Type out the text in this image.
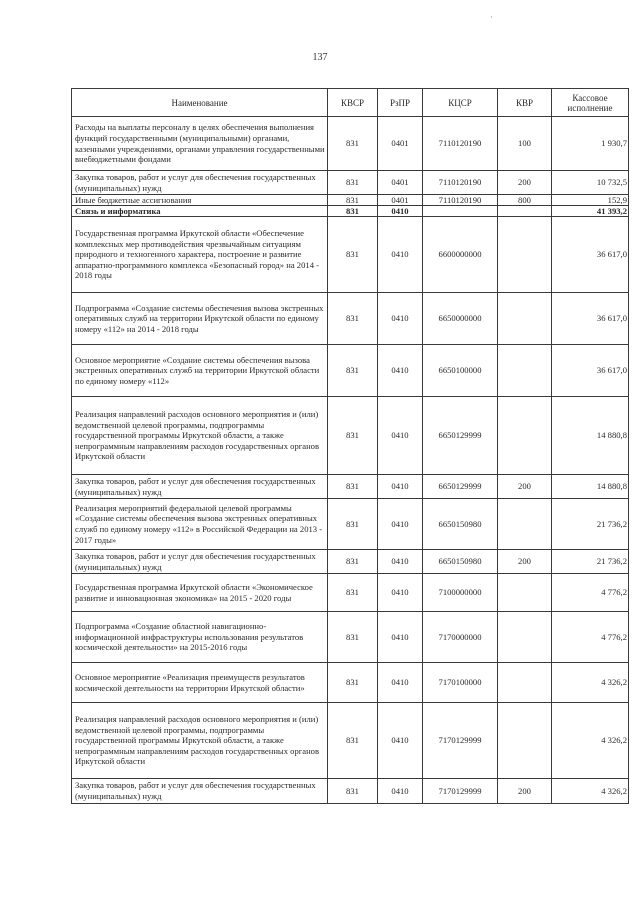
·
137
Наименование	КВСР	РзПР	КЦСР	КВР	Кассовое исполнение
Расходы на выплаты персоналу в целях обеспечения выполнения функций государственными (муниципальными) органами, казенными учреждениями, органами управления государственными внебюджетными фондами	831	0401	7110120190	100	1 930,7
Закупка товаров, работ и услуг для обеспечения государственных (муниципальных) нужд	831	0401	7110120190	200	10 732,5
Иные бюджетные ассигнования	831	0401	7110120190	800	152,9
Связь и информатика	831	0410			41 393,2
Государственная программа Иркутской области «Обеспечение комплексных мер противодействия чрезвычайным ситуациям природного и техногенного характера, построение и развитие аппаратно-программного комплекса «Безопасный город» на 2014 - 2018 годы	831	0410	6600000000		36 617,0
Подпрограмма «Создание системы обеспечения вызова экстренных оперативных служб на территории Иркутской области по единому номеру «112» на 2014 - 2018 годы	831	0410	6650000000		36 617,0
Основное мероприятие «Создание системы обеспечения вызова экстренных оперативных служб на территории Иркутской области по единому номеру «112»	831	0410	6650100000		36 617,0
Реализация направлений расходов основного мероприятия и (или) ведомственной целевой программы, подпрограммы государственной программы Иркутской области, а также непрограммным направлениям расходов государственных органов Иркутской области	831	0410	6650129999		14 880,8
Закупка товаров, работ и услуг для обеспечения государственных (муниципальных) нужд	831	0410	6650129999	200	14 880,8
Реализация мероприятий федеральной целевой программы «Создание системы обеспечения вызова экстренных оперативных служб по единому номеру «112» в Российской Федерации на 2013 - 2017 годы»	831	0410	6650150980		21 736,2
Закупка товаров, работ и услуг для обеспечения государственных (муниципальных) нужд	831	0410	6650150980	200	21 736,2
Государственная программа Иркутской области «Экономическое развитие и инновационная экономика» на 2015 - 2020 годы	831	0410	7100000000		4 776,2
Подпрограмма «Создание областной навигационно-информационной инфраструктуры использования результатов космической деятельности» на 2015-2016 годы	831	0410	7170000000		4 776,2
Основное мероприятие «Реализация преимуществ результатов космической деятельности на территории Иркутской области»	831	0410	7170100000		4 326,2
Реализация направлений расходов основного мероприятия и (или) ведомственной целевой программы, подпрограммы государственной программы Иркутской области, а также непрограммным направлениям расходов государственных органов Иркутской области	831	0410	7170129999		4 326,2
Закупка товаров, работ и услуг для обеспечения государственных (муниципальных) нужд	831	0410	7170129999	200	4 326,2
